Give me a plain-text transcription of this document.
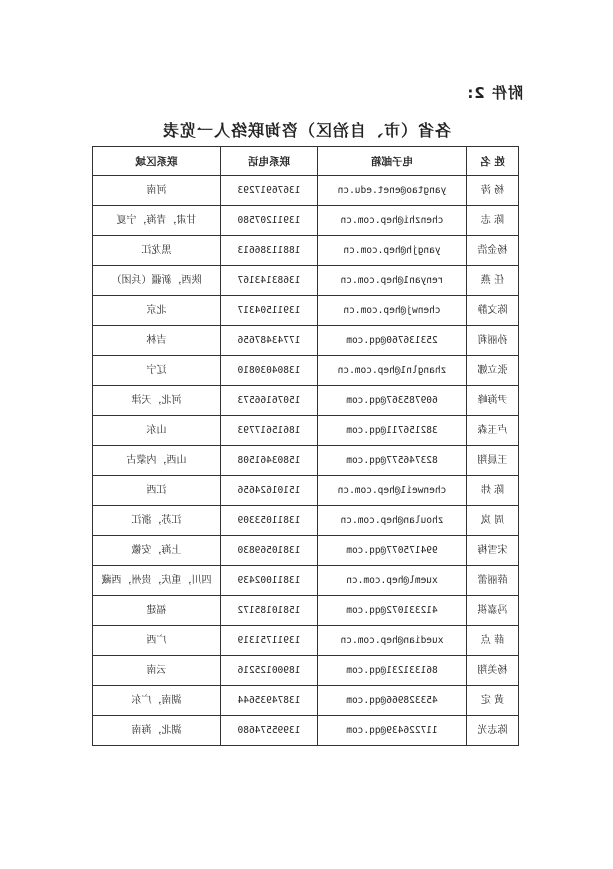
附件 2:
各省（市、自治区）咨询联络人一览表
姓 名	电子邮箱	联系电话	联系区域
杨 涛	yangtao@enet.edu.cn	13676917293	河南
陈 志	chenzhi@hep.com.cn	13911207580	甘肃，青海，宁夏
杨金浩	yangjh@hep.com.cn	18811386613	黑龙江
任 燕	renyan1@hep.com.cn	13683143167	陕西，新疆（兵团）
陈文静	chenwj@hep.com.cn	13911504317	北京
孙丽莉	253136760@qq.com	17743487656	吉林
张立娜	zhangln1@hep.com.cn	13804030810	辽宁
尹海峰	609785367@qq.com	15076166573	河北，天津
卢玉森	382156711@qq.com	18615617793	山东
王晨翔	823746577@qq.com	15803461508	山西，内蒙古
陈 炜	chenwei1@hep.com.cn	15101624656	江西
周 岚	zhoulan@hep.com.cn	13811053309	江苏，浙江
宋雪梅	994175077@qq.com	13810569830	上海，安徽
薛丽蕾	xueml@hep.com.cn	13811002439	四川，重庆，贵州，西藏
冯嘉祺	412331072@qq.com	15810185172	福建
薛 点	xuedian@hep.com.cn	13911751319	广西
杨美翔	861331231@qq.com	18900125216	云南
黄 定	453328966@qq.com	13874935644	湖南，广东
陈志光	117226439@qq.com	13995574680	湖北，海南
